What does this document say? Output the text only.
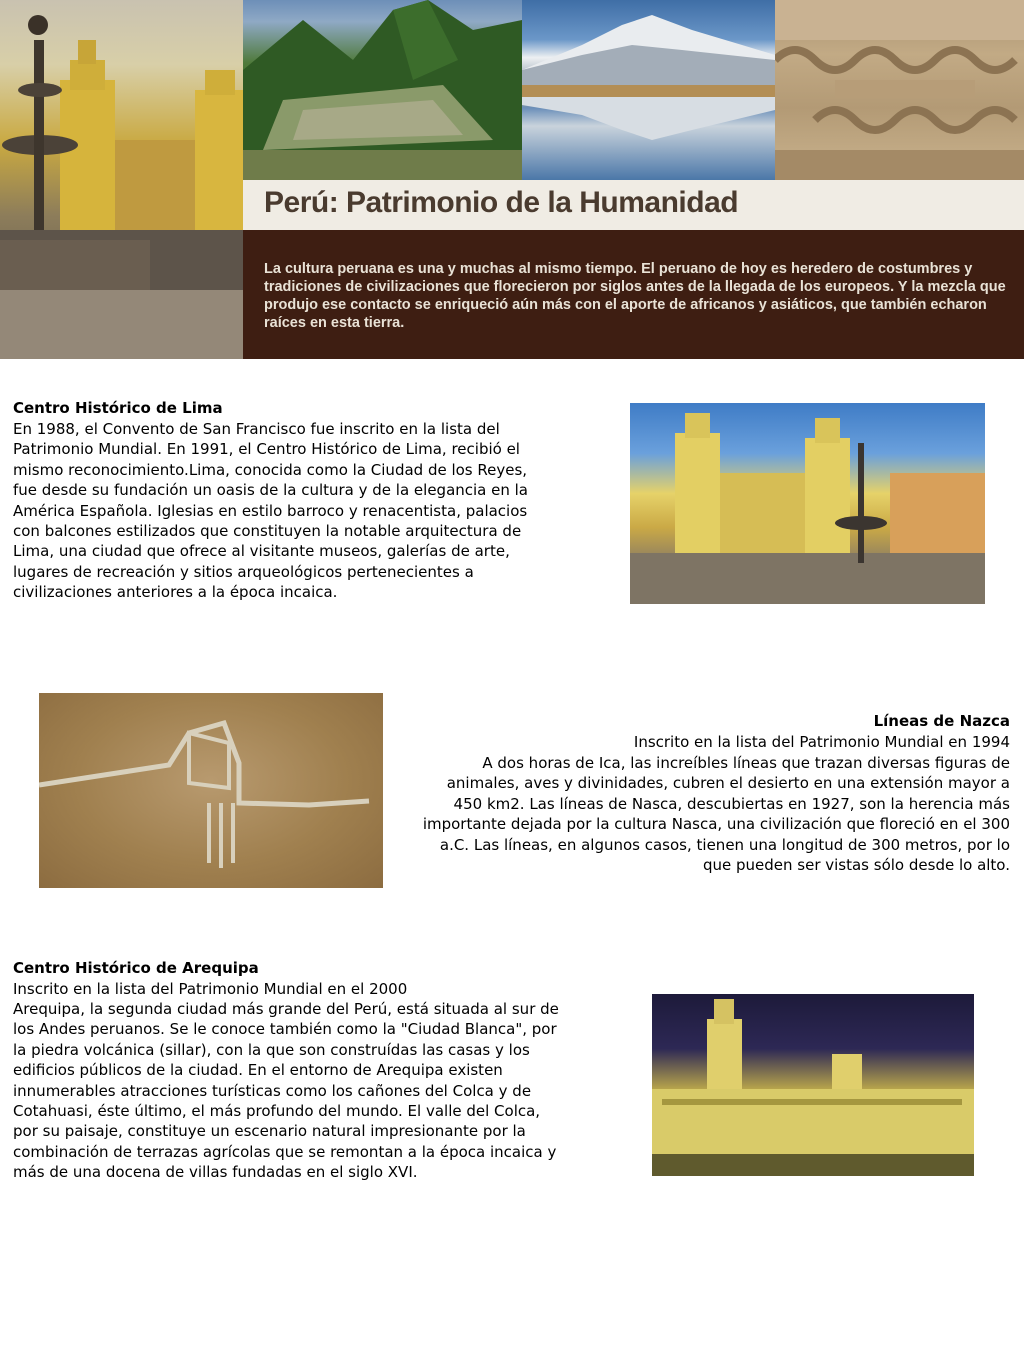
Perú: Patrimonio de la Humanidad
La cultura peruana es una y muchas al mismo tiempo. El peruano de hoy es heredero de costumbres y tradiciones de civilizaciones que florecieron por siglos antes de la llegada de los europeos. Y la mezcla que produjo ese contacto se enriqueció aún más con el aporte de africanos y asiáticos, que también echaron raíces en esta tierra.
Centro Histórico de Lima
En 1988, el Convento de San Francisco fue inscrito en la lista del Patrimonio Mundial. En 1991, el Centro Histórico de Lima, recibió el mismo reconocimiento.Lima, conocida como la Ciudad de los Reyes, fue desde su fundación un oasis de la cultura y de la elegancia en la América Española. Iglesias en estilo barroco y renacentista, palacios con balcones estilizados que constituyen la notable arquitectura de Lima, una ciudad que ofrece al visitante museos, galerías de arte, lugares de recreación y sitios arqueológicos pertenecientes a civilizaciones anteriores a la época incaica.
Líneas de Nazca
Inscrito en la lista del Patrimonio Mundial en 1994
A dos horas de Ica, las increíbles líneas que trazan diversas figuras de animales, aves y divinidades, cubren el desierto en una extensión mayor a 450 km2. Las líneas de Nasca, descubiertas en 1927, son la herencia más importante dejada por la cultura Nasca, una civilización que floreció en el 300 a.C. Las líneas, en algunos casos, tienen una longitud de 300 metros, por lo que pueden ser vistas sólo desde lo alto.
Centro Histórico de Arequipa
Inscrito en la lista del Patrimonio Mundial en el 2000
Arequipa, la segunda ciudad más grande del Perú, está situada al sur de los Andes peruanos. Se le conoce también como la "Ciudad Blanca", por la piedra volcánica (sillar), con la que son construídas las casas y los edificios públicos de la ciudad. En el entorno de Arequipa existen innumerables atracciones turísticas como los cañones del Colca y de Cotahuasi, éste último, el más profundo del mundo. El valle del Colca, por su paisaje, constituye un escenario natural impresionante por la combinación de terrazas agrícolas que se remontan a la época incaica y más de una docena de villas fundadas en el siglo XVI.
